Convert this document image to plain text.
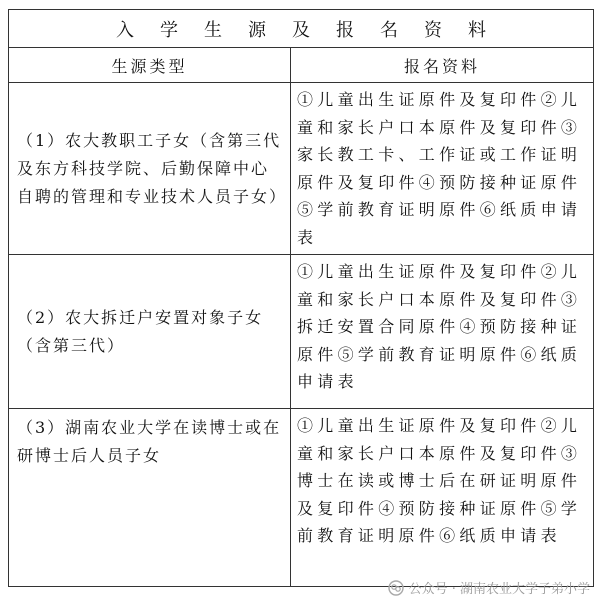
入学生源及报名资料	
生源类型	报名资料
（1）农大教职工子女（含第三代及东方科技学院、后勤保障中心自聘的管理和专业技术人员子女）	①儿童出生证原件及复印件②儿童和家长户口本原件及复印件③家长教工卡、工作证或工作证明原件及复印件④预防接种证原件⑤学前教育证明原件⑥纸质申请表
（2）农大拆迁户安置对象子女（含第三代）	①儿童出生证原件及复印件②儿童和家长户口本原件及复印件③拆迁安置合同原件④预防接种证原件⑤学前教育证明原件⑥纸质申请表
（3）湖南农业大学在读博士或在研博士后人员子女	①儿童出生证原件及复印件②儿童和家长户口本原件及复印件③博士在读或博士后在研证明原件及复印件④预防接种证原件⑤学前教育证明原件⑥纸质申请表
公众号 · 湖南农业大学子弟小学
